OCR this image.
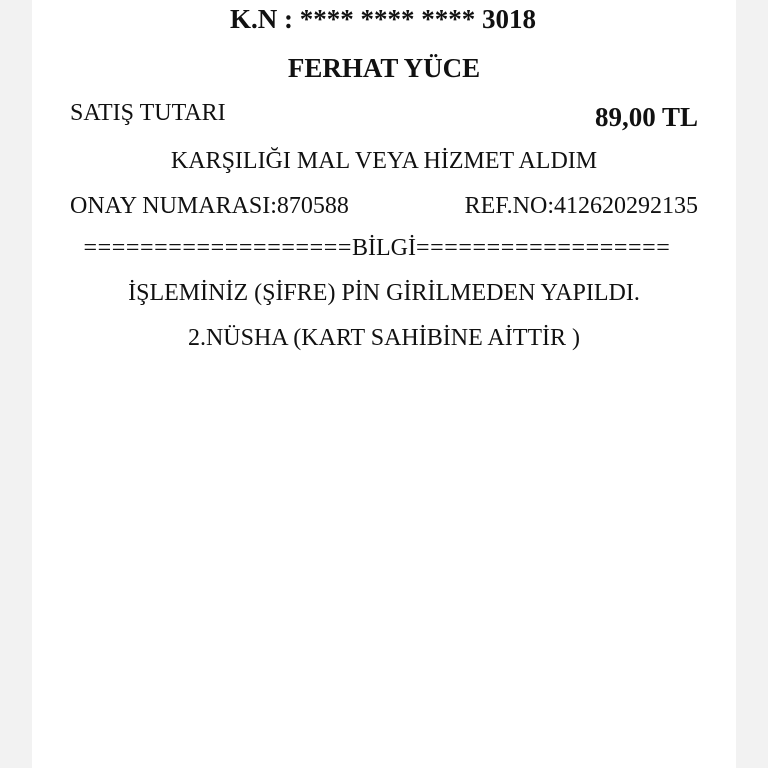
K.N : **** **** **** 3018
FERHAT YÜCE
SATIŞ TUTARI	89,00 TL
KARŞILIĞI MAL VEYA HİZMET ALDIM
ONAY NUMARASI:870588	REF.NO:412620292135
=================== BİLGİ ==================
İŞLEMİNİZ (ŞİFRE) PİN GİRİLMEDEN YAPILDI.
2.NÜSHA (KART SAHİBİNE AİTTİR )
